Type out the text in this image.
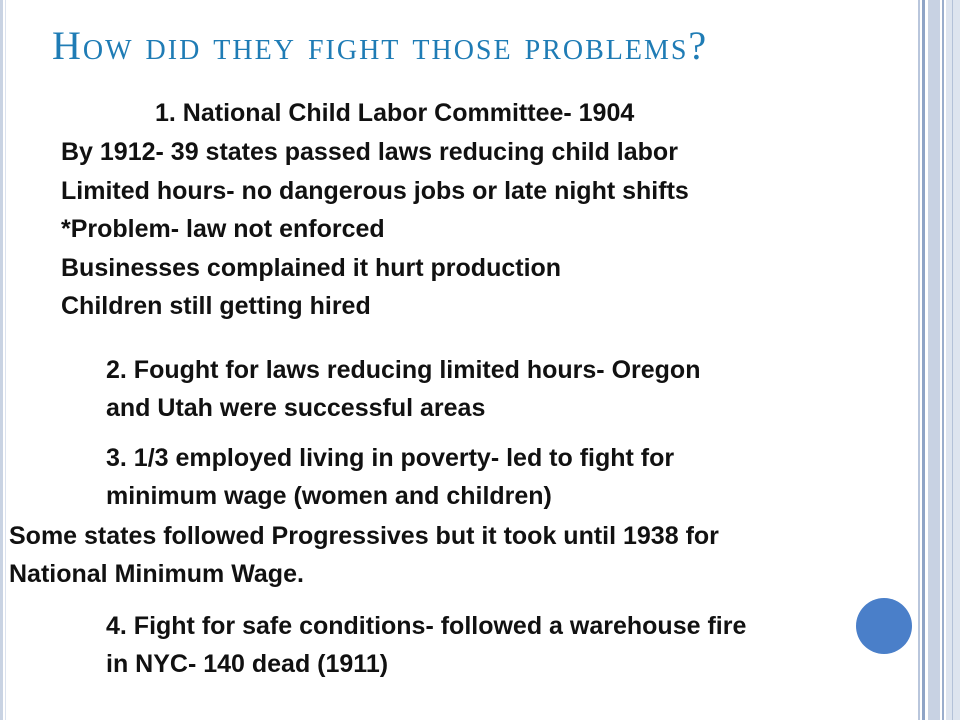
How did they fight those problems?
1. National Child Labor Committee- 1904
By 1912- 39 states passed laws reducing child labor
Limited hours- no dangerous jobs or late night shifts
*Problem- law not enforced
Businesses complained it hurt production
Children still getting hired
2. Fought for laws reducing limited hours- Oregon
and Utah were successful areas
3. 1/3 employed living in poverty- led to fight for
minimum wage (women and children)
Some states followed Progressives but it took until 1938 for
National Minimum Wage.
4. Fight for safe conditions- followed a warehouse fire
in NYC- 140 dead (1911)
